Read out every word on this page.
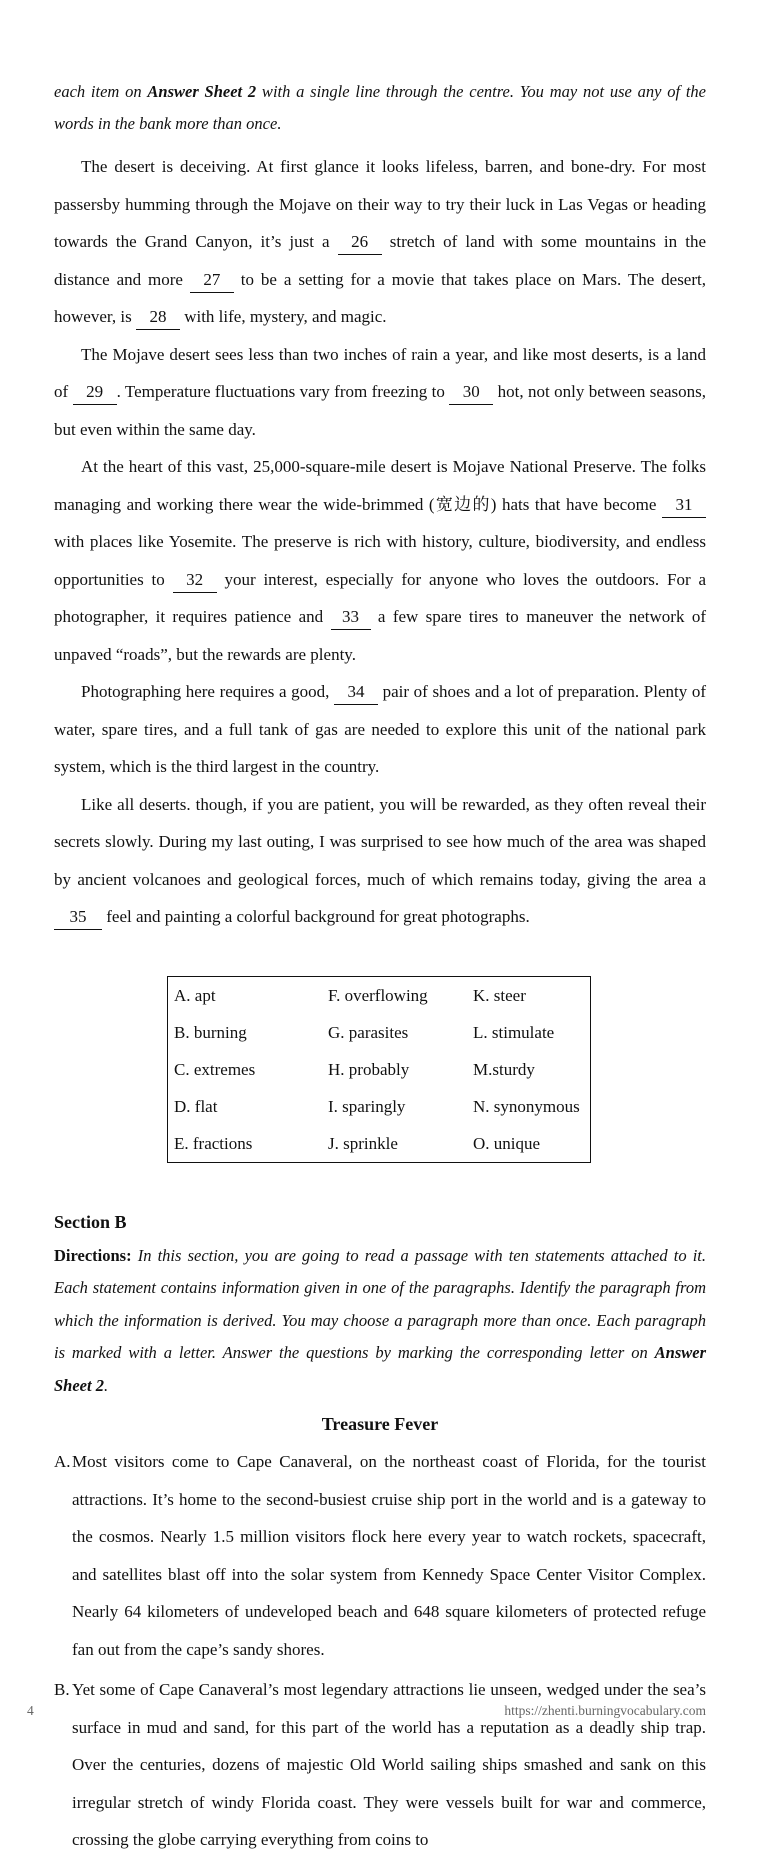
each item on Answer Sheet 2 with a single line through the centre. You may not use any of the words in the bank more than once.

The desert is deceiving. At first glance it looks lifeless, barren, and bone-dry. For most passersby humming through the Mojave on their way to try their luck in Las Vegas or heading towards the Grand Canyon, it’s just a 26 stretch of land with some mountains in the distance and more 27 to be a setting for a movie that takes place on Mars. The desert, however, is 28 with life, mystery, and magic.

The Mojave desert sees less than two inches of rain a year, and like most deserts, is a land of 29 . Temperature fluctuations vary from freezing to 30 hot, not only between seasons, but even within the same day.

At the heart of this vast, 25,000-square-mile desert is Mojave National Preserve. The folks managing and working there wear the wide-brimmed (宽边的) hats that have become 31 with places like Yosemite. The preserve is rich with history, culture, biodiversity, and endless opportunities to 32 your interest, especially for anyone who loves the outdoors. For a photographer, it requires patience and 33 a few spare tires to maneuver the network of unpaved “roads”, but the rewards are plenty.

Photographing here requires a good, 34 pair of shoes and a lot of preparation. Plenty of water, spare tires, and a full tank of gas are needed to explore this unit of the national park system, which is the third largest in the country.

Like all deserts. though, if you are patient, you will be rewarded, as they often reveal their secrets slowly. During my last outing, I was surprised to see how much of the area was shaped by ancient volcanoes and geological forces, much of which remains today, giving the area a 35 feel and painting a colorful background for great photographs.

A. apt	F. overflowing	K. steer
B. burning	G. parasites	L. stimulate
C. extremes	H. probably	M.sturdy
D. flat	I. sparingly	N. synonymous
E. fractions	J. sprinkle	O. unique

Section B

Directions: In this section, you are going to read a passage with ten statements attached to it. Each statement contains information given in one of the paragraphs. Identify the paragraph from which the information is derived. You may choose a paragraph more than once. Each paragraph is marked with a letter. Answer the questions by marking the corresponding letter on Answer Sheet 2.

Treasure Fever

A. Most visitors come to Cape Canaveral, on the northeast coast of Florida, for the tourist attractions. It’s home to the second-busiest cruise ship port in the world and is a gateway to the cosmos. Nearly 1.5 million visitors flock here every year to watch rockets, spacecraft, and satellites blast off into the solar system from Kennedy Space Center Visitor Complex. Nearly 64 kilometers of undeveloped beach and 648 square kilometers of protected refuge fan out from the cape’s sandy shores.
B. Yet some of Cape Canaveral’s most legendary attractions lie unseen, wedged under the sea’s surface in mud and sand, for this part of the world has a reputation as a deadly ship trap. Over the centuries, dozens of majestic Old World sailing ships smashed and sank on this irregular stretch of windy Florida coast. They were vessels built for war and commerce, crossing the globe carrying everything from coins to
4	https://zhenti.burningvocabulary.com
